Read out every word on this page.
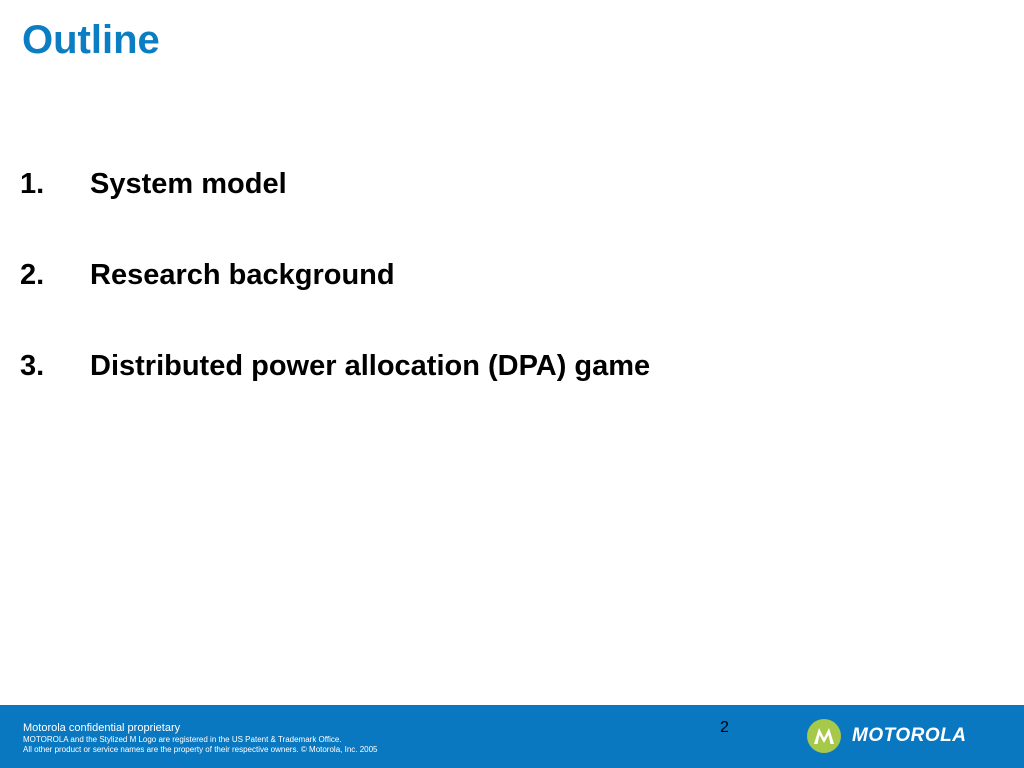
Outline
1.	System model
2.	Research background
3.	Distributed power allocation (DPA) game
Motorola confidential proprietary
MOTOROLA and the Stylized M Logo are registered in the US Patent & Trademark Office.
All other product or service names are the property of their respective owners. © Motorola, Inc. 2005
2	MOTOROLA
